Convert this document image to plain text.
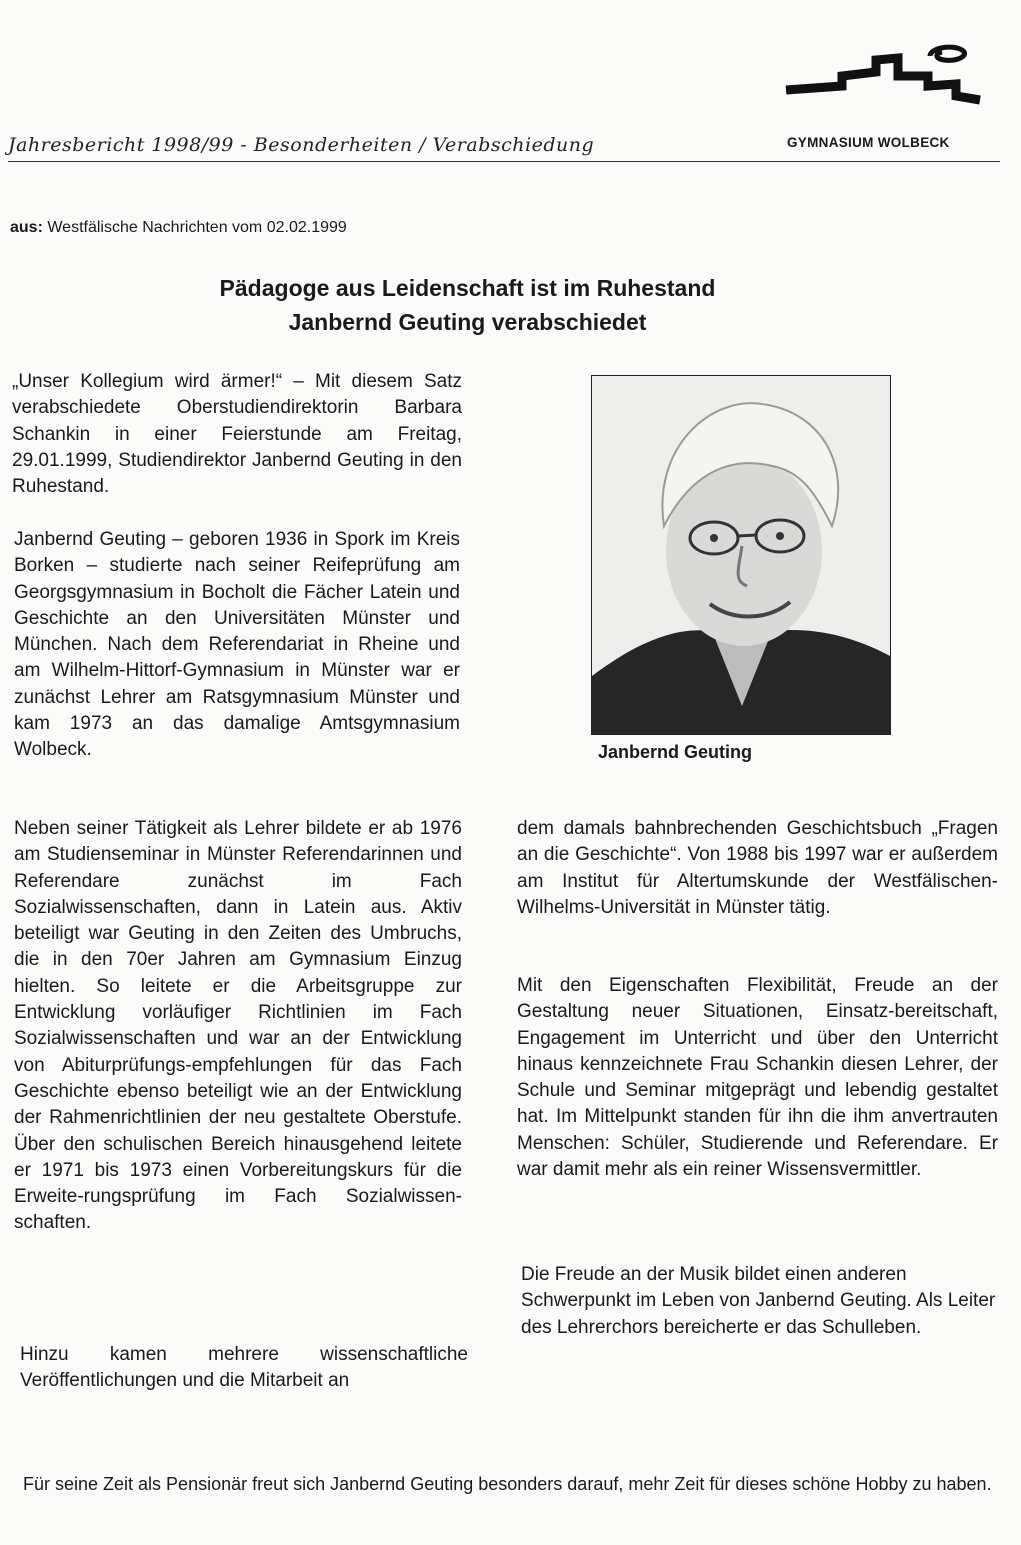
Jahresbericht 1998/99 - Besonderheiten / Verabschiedung	GYMNASIUM WOLBECK
aus: Westfälische Nachrichten vom 02.02.1999
Pädagoge aus Leidenschaft ist im Ruhestand
Janbernd Geuting verabschiedet

„Unser Kollegium wird ärmer!“ – Mit diesem Satz verabschiedete Oberstudiendirektorin Barbara Schankin in einer Feierstunde am Freitag, 29.01.1999, Studiendirektor Janbernd Geuting in den Ruhestand.

Janbernd Geuting – geboren 1936 in Spork im Kreis Borken – studierte nach seiner Reifeprüfung am Georgsgymnasium in Bocholt die Fächer Latein und Geschichte an den Universitäten Münster und München. Nach dem Referendariat in Rheine und am Wilhelm-Hittorf-Gymnasium in Münster war er zunächst Lehrer am Ratsgymnasium Münster und kam 1973 an das damalige Amtsgymnasium Wolbeck.

Neben seiner Tätigkeit als Lehrer bildete er ab 1976 am Studienseminar in Münster Referendarinnen und Referendare zunächst im Fach Sozialwissenschaften, dann in Latein aus. Aktiv beteiligt war Geuting in den Zeiten des Umbruchs, die in den 70er Jahren am Gymnasium Einzug hielten. So leitete er die Arbeitsgruppe zur Entwicklung vorläufiger Richtlinien im Fach Sozialwissenschaften und war an der Entwicklung von Abiturprüfungs-empfehlungen für das Fach Geschichte ebenso beteiligt wie an der Entwicklung der Rahmenrichtlinien der neu gestaltete Oberstufe. Über den schulischen Bereich hinausgehend leitete er 1971 bis 1973 einen Vorbereitungskurs für die Erweite-rungsprüfung im Fach Sozialwissen-schaften.

Hinzu kamen mehrere wissenschaftliche Veröffentlichungen und die Mitarbeit an

Janbernd Geuting

dem damals bahnbrechenden Geschichtsbuch „Fragen an die Geschichte“. Von 1988 bis 1997 war er außerdem am Institut für Altertumskunde der Westfälischen-Wilhelms-Universität in Münster tätig.

Mit den Eigenschaften Flexibilität, Freude an der Gestaltung neuer Situationen, Einsatz-bereitschaft, Engagement im Unterricht und über den Unterricht hinaus kennzeichnete Frau Schankin diesen Lehrer, der Schule und Seminar mitgeprägt und lebendig gestaltet hat. Im Mittelpunkt standen für ihn die ihm anvertrauten Menschen: Schüler, Studierende und Referendare. Er war damit mehr als ein reiner Wissensvermittler.

Die Freude an der Musik bildet einen anderen Schwerpunkt im Leben von Janbernd Geuting. Als Leiter des Lehrerchors bereicherte er das Schulleben.

Für seine Zeit als Pensionär freut sich Janbernd Geuting besonders darauf, mehr Zeit für dieses schöne Hobby zu haben.
